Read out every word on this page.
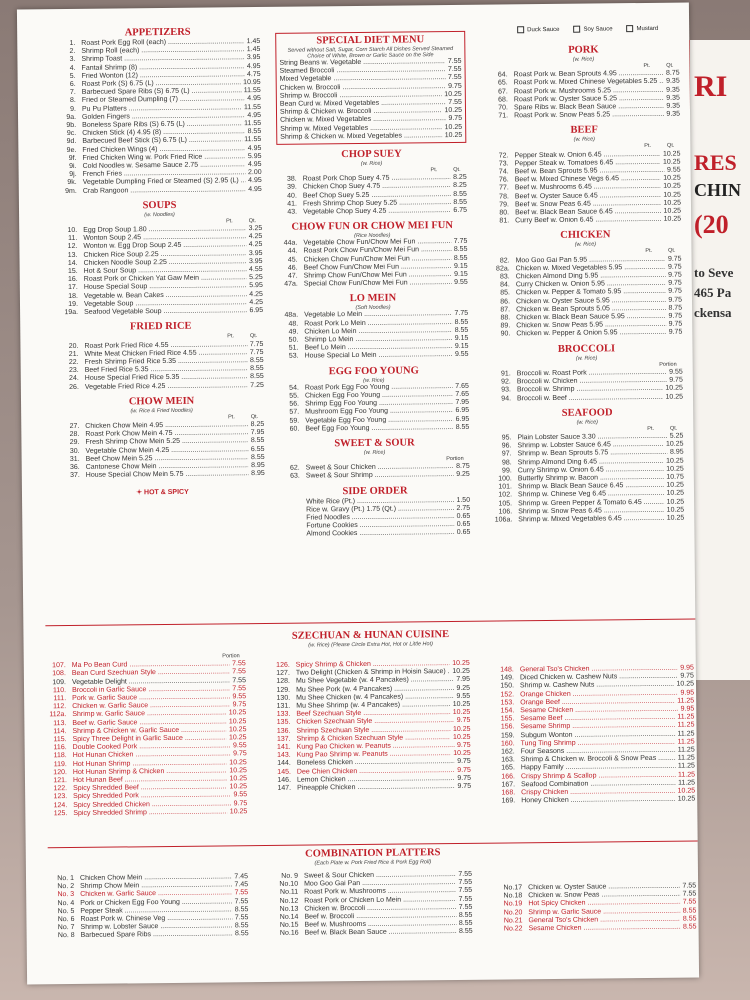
RI
RES
CHIN
(20
to Seve
465 Pa
ckensa
Duck Sauce	Soy Sauce	Mustard
APPETIZERS
1. Roast Pork Egg Roll (each) .....	1.45
2. Shrimp Roll (each) .....	1.45
3. Shrimp Toast .....	3.95
4. Fantail Shrimp (8) .....	4.95
5. Fried Wonton (12) .....	4.75
6. Roast Pork (S) 6.75 (L) .....	10.95
7. Barbecued Spare Ribs (S) 6.75 (L) .....	11.55
8. Fried or Steamed Dumpling (7) .....	4.95
9. Pu Pu Platters .....	11.55
9a. Golden Fingers .....	4.95
9b. Boneless Spare Ribs (S) 6.75 (L) .....	11.55
9c. Chicken Stick (4) 4.95 (8) .....	8.55
9d. Barbecued Beef Stick (S) 6.75 (L) .....	11.55
9e. Fried Chicken Wings (4) .....	4.95
9f. Fried Chicken Wing w. Pork Fried Rice .....	5.95
9i. Cold Noodles w. Sesame Sauce 2.75 .....	4.95
9j. French Fries .....	2.00
9k. Vegetable Dumpling Fried or Steamed (S) 2.95 (L) .....	4.95
9m. Crab Rangoon .....	4.95
SOUPS
(w. Noodles)
Pt.	Qt.
10. Egg Drop Soup 1.80 .....	3.25
11. Wonton Soup 2.45 .....	4.25
12. Wonton w. Egg Drop Soup 2.45 .....	4.25
13. Chicken Rice Soup 2.25 .....	3.95
14. Chicken Noodle Soup 2.25 .....	3.95
15. Hot & Sour Soup .....	4.55
16. Roast Pork or Chicken Yat Gaw Mein .....	5.25
17. House Special Soup .....	5.95
18. Vegetable w. Bean Cakes .....	4.25
19. Vegetable Soup .....	4.25
19a. Seafood Vegetable Soup .....	6.95
FRIED RICE
Pt.	Qt.
20. Roast Pork Fried Rice 4.55 .....	7.75
21. White Meat Chicken Fried Rice 4.55 .....	7.75
22. Fresh Shrimp Fried Rice 5.35 .....	8.55
23. Beef Fried Rice 5.35 .....	8.55
24. House Special Fried Rice 5.35 .....	8.55
26. Vegetable Fried Rice 4.25 .....	7.25
CHOW MEIN
(w. Rice & Fried Noodles)
Pt.	Qt.
27. Chicken Chow Mein 4.95 .....	8.25
28. Roast Pork Chow Mein 4.75 .....	7.95
29. Fresh Shrimp Chow Mein 5.25 .....	8.55
30. Vegetable Chow Mein 4.25 .....	6.55
31. Beef Chow Mein 5.25 .....	8.55
36. Cantonese Chow Mein .....	8.95
37. House Special Chow Mein 5.75 .....	8.95
✦ HOT & SPICY
SPECIAL DIET MENU
Served without Salt, Sugar, Corn Starch All Dishes Served Steamed Choice of White, Brown or Garlic Sauce on the Side
String Beans w. Vegetable .....	7.55
Steamed Broccoli .....	7.55
Mixed Vegetable .....	7.55
Chicken w. Broccoli .....	9.75
Shrimp w. Broccoli .....	10.25
Bean Curd w. Mixed Vegetables .....	7.55
Shrimp & Chicken w. Broccoli .....	10.25
Chicken w. Mixed Vegetables .....	9.75
Shrimp w. Mixed Vegetables .....	10.25
Shrimp & Chicken w. Mixed Vegetables .....	10.25
CHOP SUEY
(w. Rice)
Pt.	Qt.
38. Roast Pork Chop Suey 4.75 .....	8.25
39. Chicken Chop Suey 4.75 .....	8.25
40. Beef Chop Suey 5.25 .....	8.55
41. Fresh Shrimp Chop Suey 5.25 .....	8.55
43. Vegetable Chop Suey 4.25 .....	6.75
CHOW FUN OR CHOW MEI FUN
(Rice Noodles)
44a. Vegetable Chow Fun/Chow Mei Fun .....	7.75
44. Roast Pork Chow Fun/Chow Mei Fun .....	8.55
45. Chicken Chow Fun/Chow Mei Fun .....	8.55
46. Beef Chow Fun/Chow Mei Fun .....	9.15
47. Shrimp Chow Fun/Chow Mei Fun .....	9.15
47a. Special Chow Fun/Chow Mei Fun .....	9.55
LO MEIN
(Soft Noodles)
48a. Vegetable Lo Mein .....	7.75
48. Roast Pork Lo Mein .....	8.55
49. Chicken Lo Mein .....	8.55
50. Shrimp Lo Mein .....	9.15
51. Beef Lo Mein .....	9.15
53. House Special Lo Mein .....	9.55
EGG FOO YOUNG
(w. Rice)
54. Roast Pork Egg Foo Young .....	7.65
55. Chicken Egg Foo Young .....	7.65
56. Shrimp Egg Foo Young .....	7.95
57. Mushroom Egg Foo Young .....	6.95
59. Vegetable Egg Foo Young .....	6.95
60. Beef Egg Foo Young .....	8.55
SWEET & SOUR
(w. Rice)
Portion
62. Sweet & Sour Chicken .....	8.75
63. Sweet & Sour Shrimp .....	9.25
SIDE ORDER
White Rice (Pt.) .....	1.50
Rice w. Gravy (Pt.) 1.75 (Qt.) .....	2.75
Fried Noodles .....	0.65
Fortune Cookies .....	0.65
Almond Cookies .....	0.65
PORK
(w. Rice)
Pt.	Qt.
64. Roast Pork w. Bean Sprouts 4.95 .....	8.75
65. Roast Pork w. Mixed Chinese Vegetables 5.25 .....	9.35
67. Roast Pork w. Mushrooms 5.25 .....	9.35
68. Roast Pork w. Oyster Sauce 5.25 .....	9.35
70. Spare Ribs w. Black Bean Sauce .....	9.35
71. Roast Pork w. Snow Peas 5.25 .....	9.35
BEEF
(w. Rice)
Pt.	Qt.
72. Pepper Steak w. Onion 6.45 .....	10.25
73. Pepper Steak w. Tomatoes 6.45 .....	10.25
74. Beef w. Bean Sprouts 5.95 .....	9.55
76. Beef w. Mixed Chinese Vegs 6.45 .....	10.25
77. Beef w. Mushrooms 6.45 .....	10.25
78. Beef w. Oyster Sauce 6.45 .....	10.25
79. Beef w. Snow Peas 6.45 .....	10.25
80. Beef w. Black Bean Sauce 6.45 .....	10.25
81. Curry Beef w. Onion 6.45 .....	10.25
CHICKEN
(w. Rice)
Pt.	Qt.
82. Moo Goo Gai Pan 5.95 .....	9.75
82a. Chicken w. Mixed Vegetables 5.95 .....	9.75
83. Chicken Almond Ding 5.95 .....	9.75
84. Curry Chicken w. Onion 5.95 .....	9.75
85. Chicken w. Pepper & Tomato 5.95 .....	9.75
86. Chicken w. Oyster Sauce 5.95 .....	9.75
87. Chicken w. Bean Sprouts 5.05 .....	8.75
88. Chicken w. Black Bean Sauce 5.95 .....	9.75
89. Chicken w. Snow Peas 5.95 .....	9.75
90. Chicken w. Pepper & Onion 5.95 .....	9.75
BROCCOLI
(w. Rice)
Portion
91. Broccoli w. Roast Pork .....	9.55
92. Broccoli w. Chicken .....	9.75
93. Broccoli w. Shrimp .....	10.25
94. Broccoli w. Beef .....	10.25
SEAFOOD
(w. Rice)
Pt.	Qt.
95. Plain Lobster Sauce 3.30 .....	5.25
96. Shrimp w. Lobster Sauce 6.45 .....	10.25
97. Shrimp w. Bean Sprouts 5.75 .....	8.95
98. Shrimp Almond Ding 6.45 .....	10.25
99. Curry Shrimp w. Onion 6.45 .....	10.25
100. Butterfly Shrimp w. Bacon .....	10.75
101. Shrimp w. Black Bean Sauce 6.45 .....	10.25
102. Shrimp w. Chinese Veg 6.45 .....	10.25
105. Shrimp w. Green Pepper & Tomato 6.45 .....	10.25
106. Shrimp w. Snow Peas 6.45 .....	10.25
106a. Shrimp w. Mixed Vegetables 6.45 .....	10.25
SZECHUAN & HUNAN CUISINE
(w. Rice) (Please Circle Extra Hot, Hot or Little Hot)
Portion
107. Ma Po Bean Curd .....	7.55
108. Bean Curd Szechuan Style .....	7.55
109. Vegetable Delight .....	7.55
110. Broccoli in Garlic Sauce .....	7.55
111. Pork w. Garlic Sauce .....	9.55
112. Chicken w. Garlic Sauce .....	9.75
112a. Shrimp w. Garlic Sauce .....	10.25
113. Beef w. Garlic Sauce .....	10.25
114. Shrimp & Chicken w. Garlic Sauce .....	10.25
115. Spicy Three Delight in Garlic Sauce .....	10.25
116. Double Cooked Pork .....	9.55
118. Hot Hunan Chicken .....	9.75
119. Hot Hunan Shrimp .....	10.25
120. Hot Hunan Shrimp & Chicken .....	10.25
121. Hot Hunan Beef .....	10.25
122. Spicy Shredded Beef .....	10.25
123. Spicy Shredded Pork .....	9.55
124. Spicy Shredded Chicken .....	9.75
125. Spicy Shredded Shrimp .....	10.25
126. Spicy Shrimp & Chicken .....	10.25
127. Two Delight (Chicken & Shrimp in Hoisin Sauce) ..... 10.25
128. Mu Shee Vegetable (w. 4 Pancakes) .....	7.95
129. Mu Shee Pork (w. 4 Pancakes) .....	9.25
130. Mu Shee Chicken (w. 4 Pancakes) .....	9.55
131. Mu Shee Shrimp (w. 4 Pancakes) .....	10.25
133. Beef Szechuan Style .....	10.25
135. Chicken Szechuan Style .....	9.75
136. Shrimp Szechuan Style .....	10.25
137. Shrimp & Chicken Szechuan Style .....	10.25
141. Kung Pao Chicken w. Peanuts .....	9.75
143. Kung Pao Shrimp w. Peanuts .....	10.25
144. Boneless Chicken .....	9.75
145. Dee Chien Chicken .....	9.75
146. Lemon Chicken .....	9.75
147. Pineapple Chicken .....	9.75
148. General Tso's Chicken .....	9.95
149. Diced Chicken w. Cashew Nuts .....	9.75
150. Shrimp w. Cashew Nuts .....	10.25
152. Orange Chicken .....	9.95
153. Orange Beef .....	11.25
154. Sesame Chicken .....	9.95
155. Sesame Beef .....	11.25
156. Sesame Shrimp .....	11.25
159. Subgum Wonton .....	11.25
160. Tung Ting Shrimp .....	11.25
162. Four Seasons .....	11.25
163. Shrimp & Chicken w. Broccoli & Snow Peas .....	11.25
165. Happy Family .....	11.25
166. Crispy Shrimp & Scallop .....	11.25
167. Seafood Combination .....	11.25
168. Crispy Chicken .....	10.25
169. Honey Chicken .....	10.25
COMBINATION PLATTERS
(Each Plate w. Pork Fried Rice & Pork Egg Roll)
No. 1 Chicken Chow Mein .....	7.45
No. 2 Shrimp Chow Mein .....	7.45
No. 3 Chicken w. Garlic Sauce .....	7.55
No. 4 Pork or Chicken Egg Foo Young .....	7.55
No. 5 Pepper Steak .....	8.55
No. 6 Roast Pork w. Chinese Veg .....	7.55
No. 7 Shrimp w. Lobster Sauce .....	8.55
No. 8 Barbecued Spare Ribs .....	8.55
No. 9 Sweet & Sour Chicken .....	7.55
No.10 Moo Goo Gai Pan .....	7.55
No.11 Roast Pork w. Mushrooms .....	7.55
No.12 Roast Pork or Chicken Lo Mein .....	7.55
No.13 Chicken w. Broccoli .....	7.55
No.14 Beef w. Broccoli .....	8.55
No.15 Beef w. Mushrooms .....	8.55
No.16 Beef w. Black Bean Sauce .....	8.55
No.17 Chicken w. Oyster Sauce .....	7.55
No.18 Chicken w. Snow Peas .....	7.55
No.19 Hot Spicy Chicken .....	7.55
No.20 Shrimp w. Garlic Sauce .....	8.55
No.21 General Tso's Chicken .....	8.55
No.22 Sesame Chicken .....	8.55
